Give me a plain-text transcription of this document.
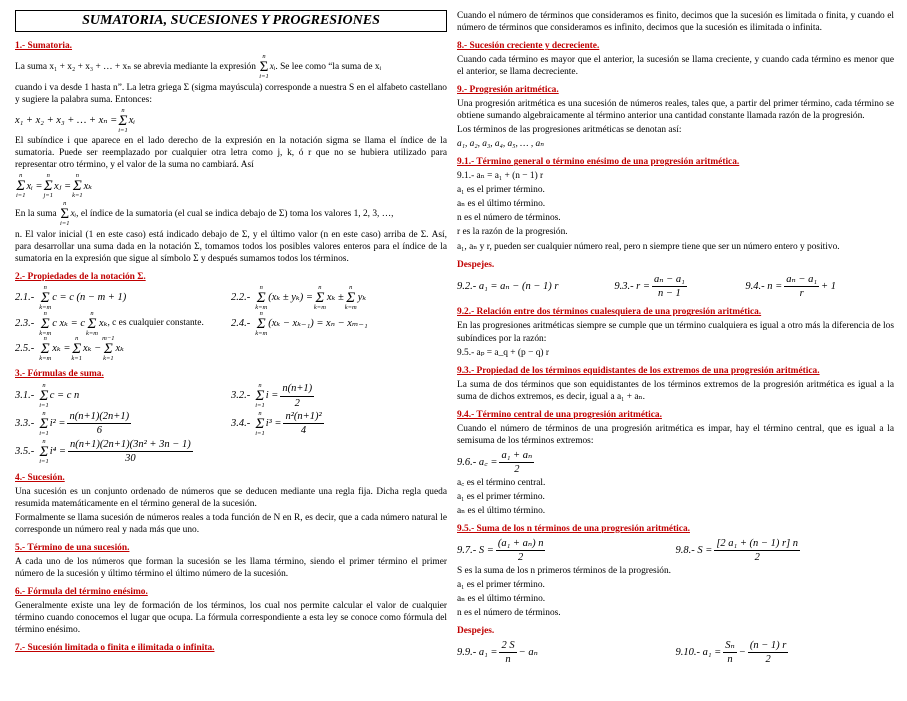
SUMATORIA, SUCESIONES Y PROGRESIONES
1.- Sumatoria.

La suma x₁ + x₂ + x₃ + … + xₙ se abrevia mediante la expresión
n
Σ
i=1
xᵢ. Se lee como “la suma de xᵢ

cuando i va desde 1 hasta n”. La letra griega Σ (sigma mayúscula) corresponde a nuestra S en el alfabeto castellano y sugiere la palabra suma. Entonces:

x₁ + x₂ + x₃ + … + xₙ =
n
Σ
i=1
xᵢ

El subíndice i que aparece en el lado derecho de la expresión en la notación sigma se llama el índice de la sumatoria. Puede ser reemplazado por cualquier otra letra como j, k, ó r que no se hubiera utilizado para representar otro término, y el valor de la suma no cambiará. Así

n
Σ
i=1
xᵢ =
n
Σ
j=1
xⱼ =
n
Σ
k=1
xₖ

En la suma
n
Σ
i=1
xᵢ, el índice de la sumatoria (el cual se indica debajo de Σ) toma los valores 1, 2, 3, …,

n. El valor inicial (1 en este caso) está indicado debajo de Σ, y el último valor (n en este caso) arriba de Σ. Así, para desarrollar una suma dada en la notación Σ, tomamos todos los posibles valores enteros para el índice de la sumatoria en la expresión que sigue al símbolo Σ y después sumamos todos los términos.

2.- Propiedades de la notación Σ.
2.1.-
n
Σ
k=m
c = c (n − m + 1)	2.2.-
n
Σ
k=m
(xₖ ± yₖ) =
n
Σ
k=m
xₖ ±
n
Σ
k=m
yₖ
2.3.-
n
Σ
k=m
c xₖ = c
n
Σ
k=m
xₖ , c es cualquier constante.	2.4.-
n
Σ
k=m
(xₖ − xₖ₋₁) = xₙ − xₘ₋₁
2.5.-
n
Σ
k=m
xₖ =
n
Σ
k=1
xₖ −
m−1
Σ
k=1
xₖ
3.- Fórmulas de suma.
3.1.-
n
Σ
i=1
c = c n	3.2.-
n
Σ
i=1
$i = \frac{n(n+1)}{2}$
3.3.-
n
Σ
i=1
$i^2 = \frac{n(n+1)(2n+1)}{6}$	3.4.-
n
Σ
i=1
$i^3 = \frac{\text{n²(n+1)²}}{4}$
3.5.-
n
Σ
i=1
$i^4 = \frac{\text{n(n+1)(2n+1)(3n² + 3n − 1)}}{30}$
4.- Sucesión.

Una sucesión es un conjunto ordenado de números que se deducen mediante una regla fija. Dicha regla queda resumida matemáticamente en el término general de la sucesión.

Formalmente se llama sucesión de números reales a toda función de N en R, es decir, que a cada número natural le corresponde un número real y nada más que uno.

5.- Término de una sucesión.

A cada uno de los números que forman la sucesión se les llama término, siendo el primer término el primer número de la sucesión y último término el último número de la sucesión.

6.- Fórmula del término enésimo.

Generalmente existe una ley de formación de los términos, los cual nos permite calcular el valor de cualquier término cuando conocemos el lugar que ocupa. La fórmula correspondiente a esta ley se conoce como fórmula del término enésimo.

7.- Sucesión limitada o finita e ilimitada o infinita.

Cuando el número de términos que consideramos es finito, decimos que la sucesión es limitada o finita, y cuando el número de términos que consideramos es infinito, decimos que la sucesión es ilimitada o infinita.

8.- Sucesión creciente y decreciente.

Cuando cada término es mayor que el anterior, la sucesión se llama creciente, y cuando cada término es menor que el anterior, se llama decreciente.

9.- Progresión aritmética.

Una progresión aritmética es una sucesión de números reales, tales que, a partir del primer término, cada término se obtiene sumando algebraicamente al término anterior una cantidad constante llamada razón de la progresión.

Los términos de las progresiones aritméticas se denotan así:

a₁, a₂, a₃, a₄, a₅, … , aₙ

9.1.- Término general o término enésimo de una progresión aritmética.

9.1.- aₙ = a₁ + (n − 1) r

a₁ es el primer término.

aₙ es el último término.

n es el número de términos.

r es la razón de la progresión.

a₁, aₙ y r, pueden ser cualquier número real, pero n siempre tiene que ser un número entero y positivo.

Despejes.
9.2.- a₁ = aₙ − (n − 1) r	9.3.- $r = \frac{\text{aₙ − a₁}}{n - 1}$	9.4.- $n = \frac{\text{aₙ − a₁}}{r} + 1$
9.2.- Relación entre dos términos cualesquiera de una progresión aritmética.

En las progresiones aritméticas siempre se cumple que un término cualquiera es igual a otro más la diferencia de los subíndices por la razón:

9.5.- aₚ = a_q + (p − q) r

9.3.- Propiedad de los términos equidistantes de los extremos de una progresión aritmética.

La suma de dos términos que son equidistantes de los términos extremos de la progresión aritmética es igual a la suma de dichos extremos, es decir, igual a a₁ + aₙ.

9.4.- Término central de una progresión aritmética.

Cuando el número de términos de una progresión aritmética es impar, hay el término central, que es igual a la semisuma de los términos extremos:

9.6.- a꜀ = $\frac{\text{a₁ + aₙ}}{2}$

a꜀ es el término central.

a₁ es el primer término.

aₙ es el último término.

9.5.- Suma de los n términos de una progresión aritmética.
9.7.- $S = \frac{\text{(a₁ + aₙ) n}}{2}$	9.8.- $S = \frac{\text{[2 a₁ + (n − 1) r] n}}{2}$

S es la suma de los n primeros términos de la progresión.

a₁ es el primer término.

aₙ es el último término.

n es el número de términos.

Despejes.
9.9.- $a_1 = \frac{2 S}{n} - a_n$	9.10.- $a_1 = \frac{\text{Sₙ}}{n} - \frac{(n - 1) r}{2}$
